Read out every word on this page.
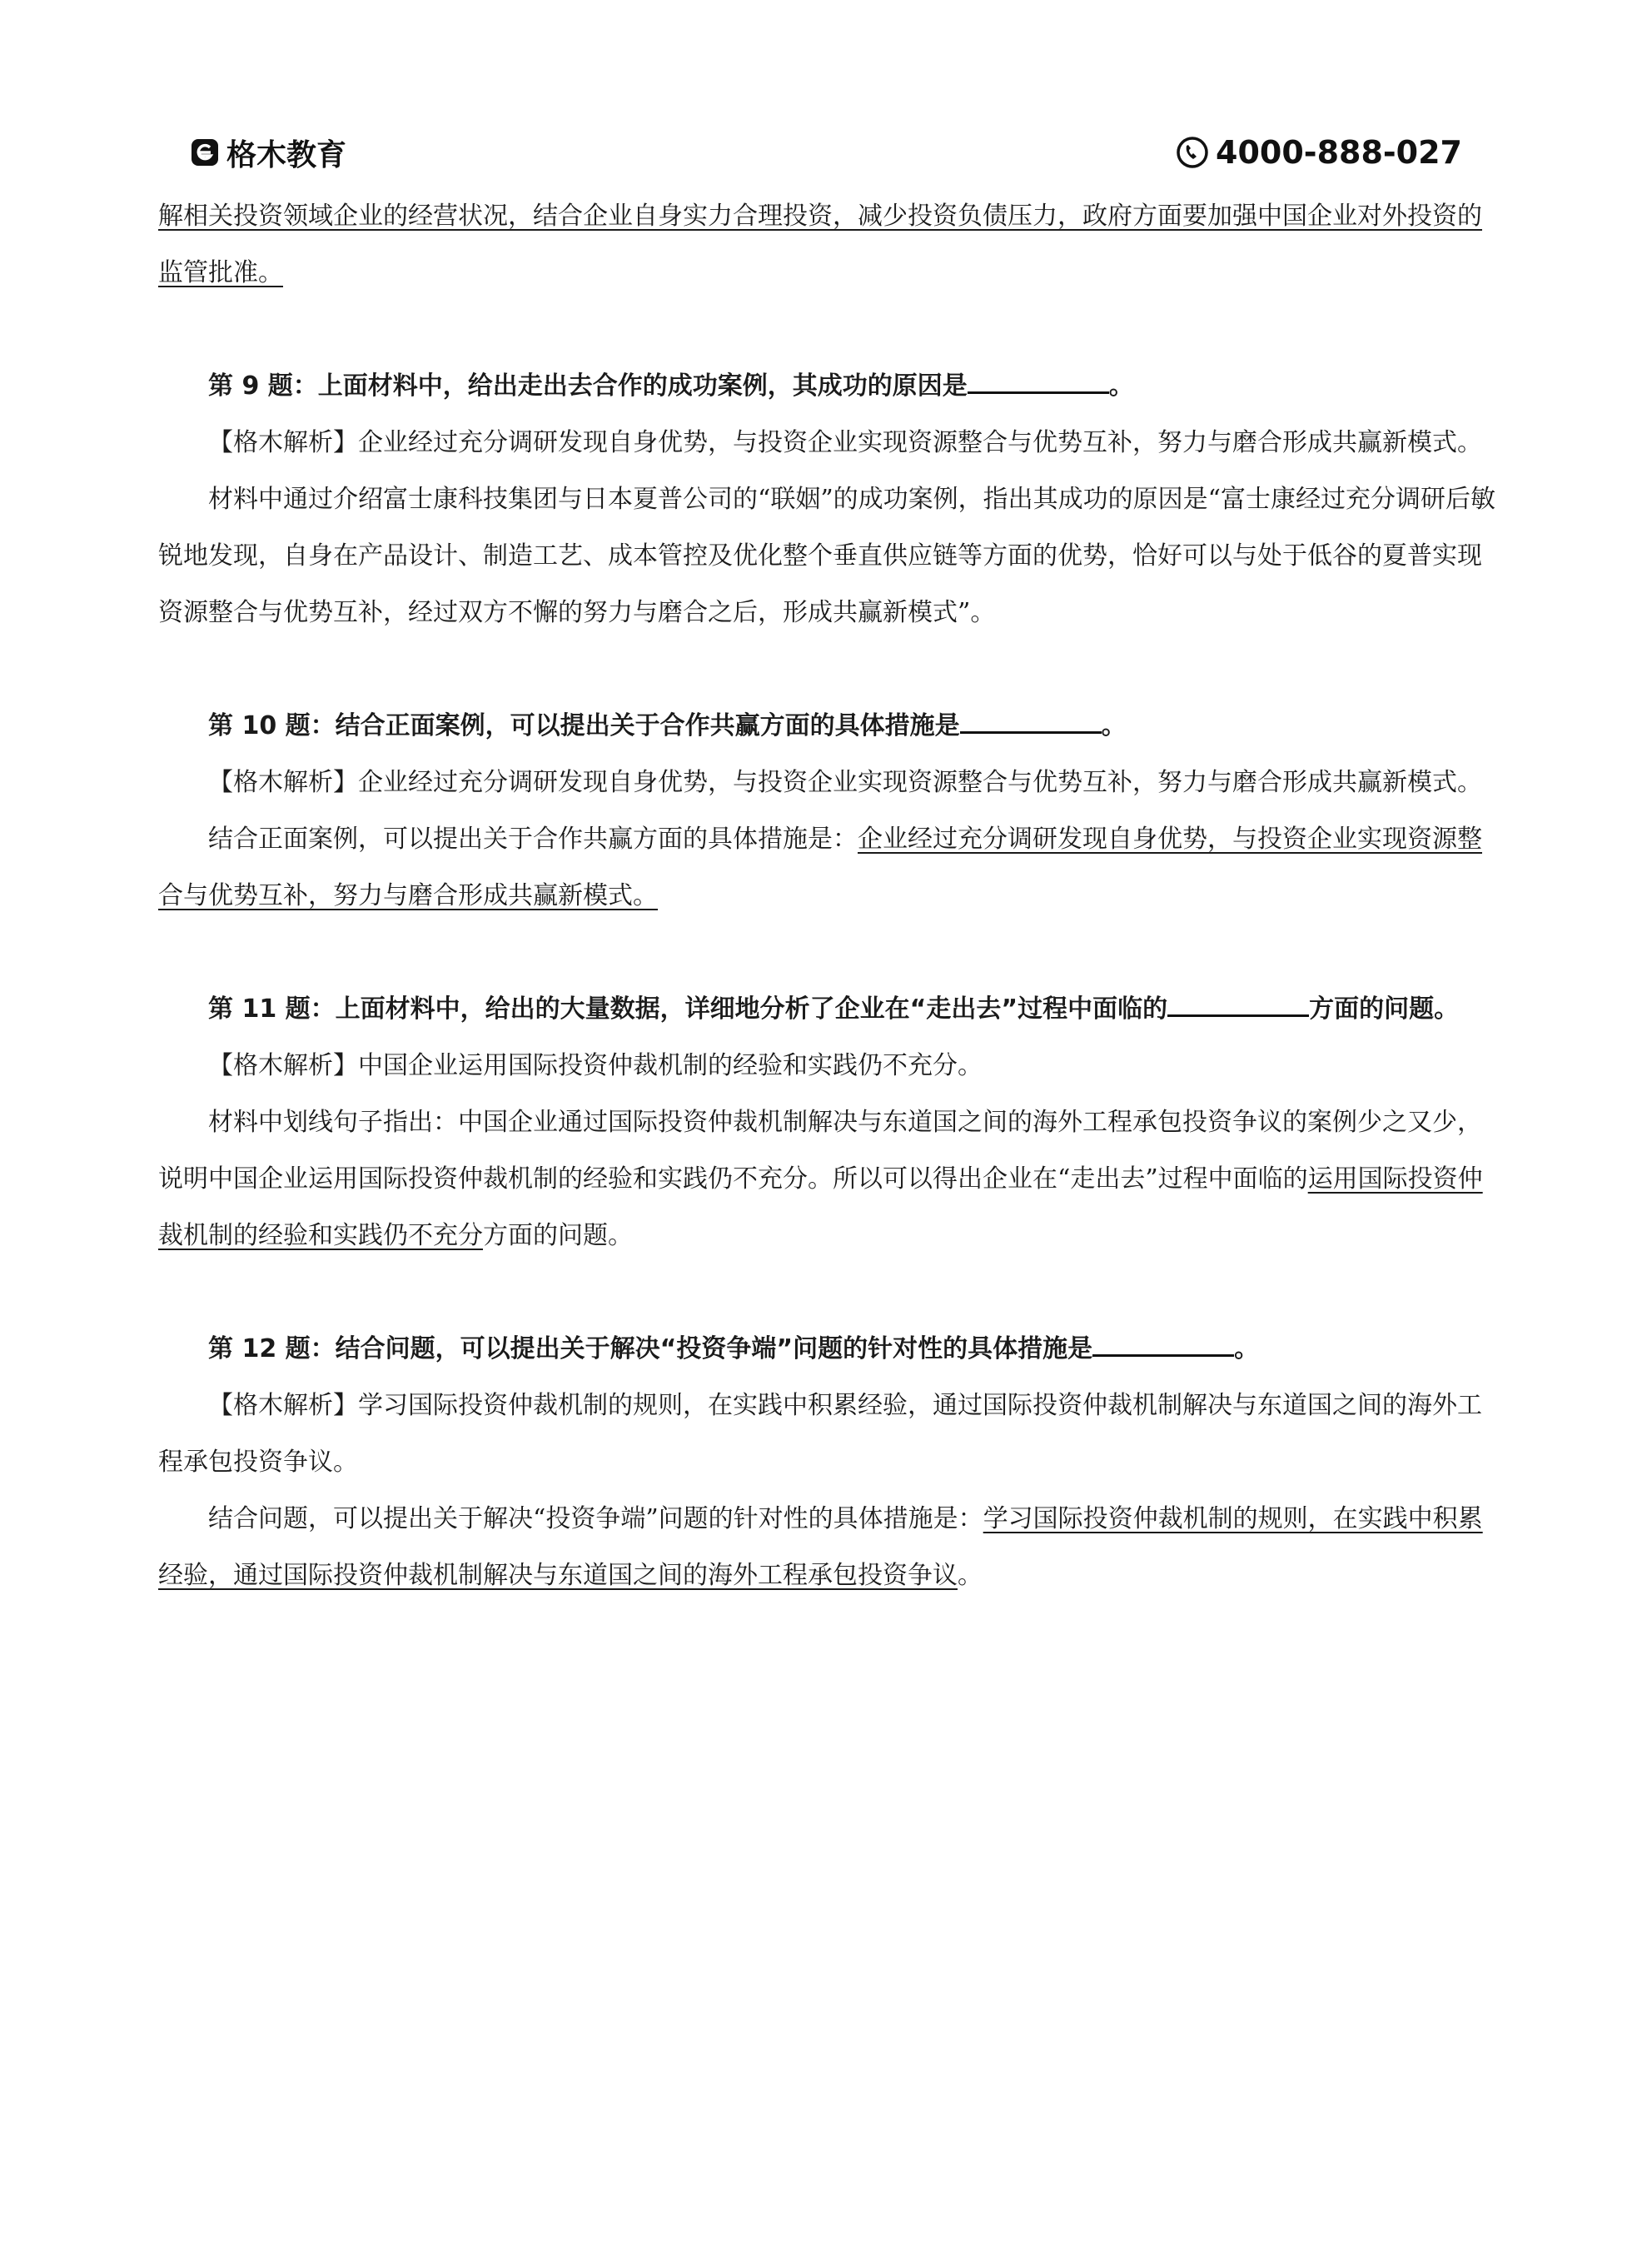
格木教育	4000-888-027

解相关投资领域企业的经营状况，结合企业自身实力合理投资，减少投资负债压力，政府方面要加强中国企业对外投资的监管批准。

第 9 题：上面材料中，给出走出去合作的成功案例，其成功的原因是	。

【格木解析】企业经过充分调研发现自身优势，与投资企业实现资源整合与优势互补，努力与磨合形成共赢新模式。

材料中通过介绍富士康科技集团与日本夏普公司的“联姻”的成功案例，指出其成功的原因是“富士康经过充分调研后敏锐地发现，自身在产品设计、制造工艺、成本管控及优化整个垂直供应链等方面的优势，恰好可以与处于低谷的夏普实现资源整合与优势互补，经过双方不懈的努力与磨合之后，形成共赢新模式”。

第 10 题：结合正面案例，可以提出关于合作共赢方面的具体措施是	。

【格木解析】企业经过充分调研发现自身优势，与投资企业实现资源整合与优势互补，努力与磨合形成共赢新模式。

结合正面案例，可以提出关于合作共赢方面的具体措施是：企业经过充分调研发现自身优势，与投资企业实现资源整合与优势互补，努力与磨合形成共赢新模式。

第 11 题：上面材料中，给出的大量数据，详细地分析了企业在“走出去”过程中面临的	方面的问题。

【格木解析】中国企业运用国际投资仲裁机制的经验和实践仍不充分。

材料中划线句子指出：中国企业通过国际投资仲裁机制解决与东道国之间的海外工程承包投资争议的案例少之又少，说明中国企业运用国际投资仲裁机制的经验和实践仍不充分。所以可以得出企业在“走出去”过程中面临的运用国际投资仲裁机制的经验和实践仍不充分方面的问题。

第 12 题：结合问题，可以提出关于解决“投资争端”问题的针对性的具体措施是	。

【格木解析】学习国际投资仲裁机制的规则，在实践中积累经验，通过国际投资仲裁机制解决与东道国之间的海外工程承包投资争议。

结合问题，可以提出关于解决“投资争端”问题的针对性的具体措施是：学习国际投资仲裁机制的规则，在实践中积累经验，通过国际投资仲裁机制解决与东道国之间的海外工程承包投资争议。
